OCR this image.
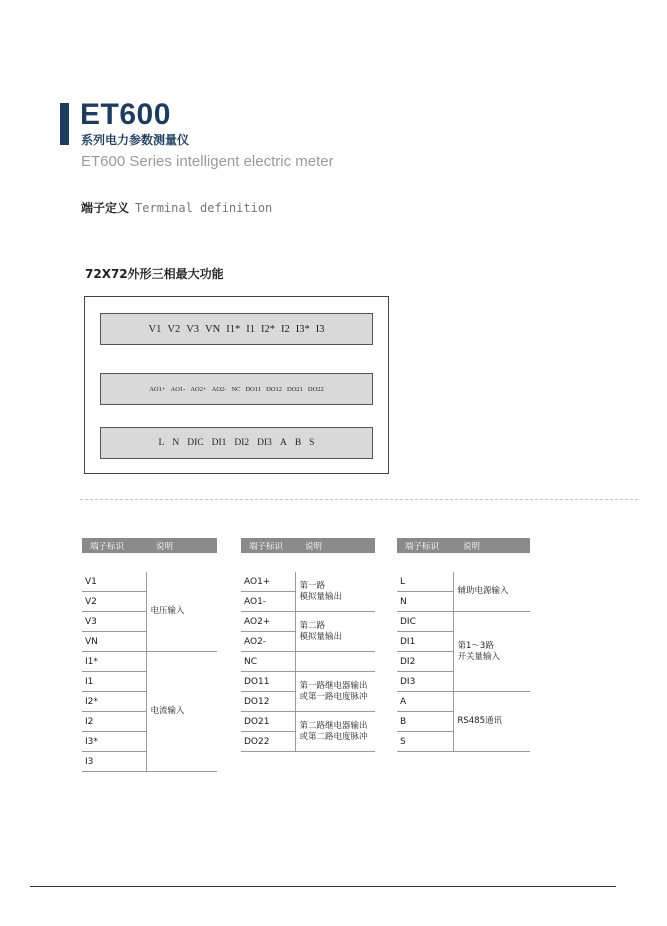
ET600
系列电力参数测量仪
ET600 Series intelligent electric meter
端子定义 Terminal definition
72X72外形三相最大功能
V1 V2 V3 VN I1* I1 I2* I2 I3* I3
AO1+ AO1- AO2+ AO2- NC DO11 DO12 DO21 DO22
L N DIC DI1 DI2 DI3 A B S
端子标识	说明

V1	电压输入
V2	
V3	
VN	
I1*	电流输入
I1	
I2*	
I2	
I3*	
I3	
端子标识	说明

AO1+	第一路
模拟量输出

AO1-	
AO2+	第二路
模拟量输出

AO2-	
NC	
DO11	第一路继电器输出
或第一路电度脉冲

DO12	
DO21	第二路继电器输出
或第二路电度脉冲

DO22	
端子标识	说明

L	辅助电源输入

N	
DIC	第1～3路
开关量输入

DI1	
DI2	
DI3	
A	RS485通讯

B	
S	
